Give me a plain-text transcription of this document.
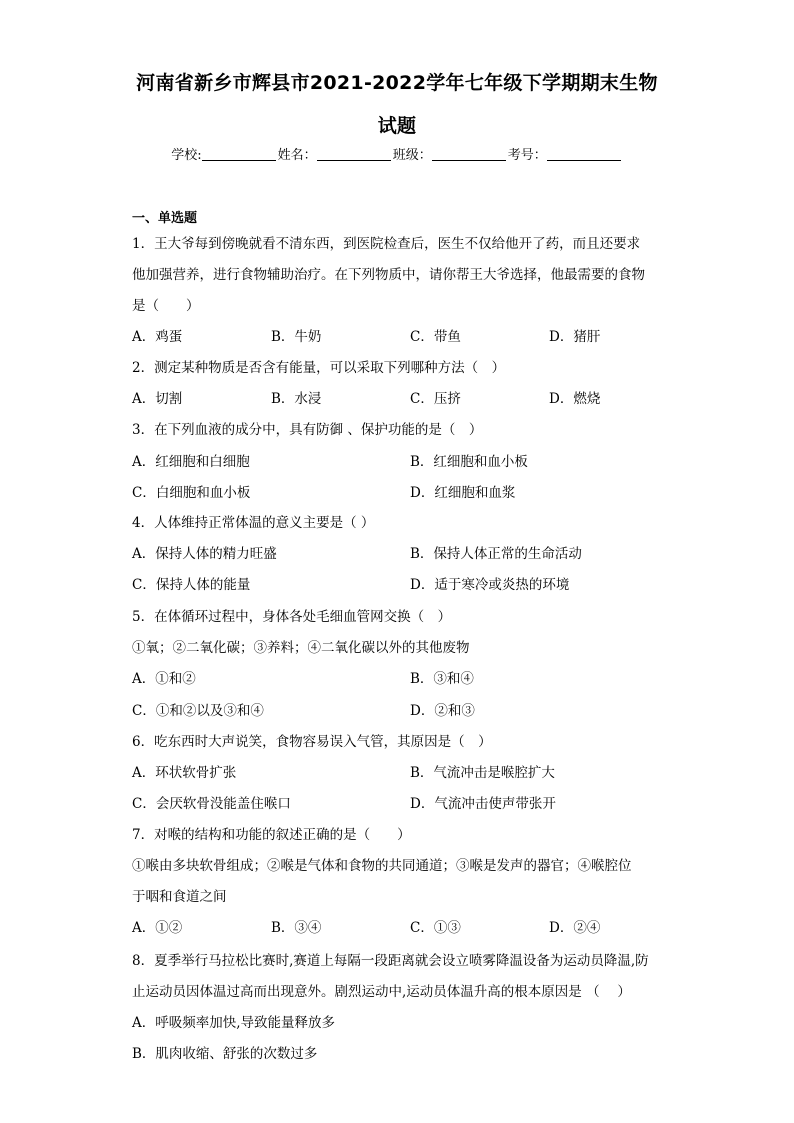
河南省新乡市辉县市2021-2022学年七年级下学期期末生物
试题
学校:	姓名：	班级：	考号：
一、单选题
1．王大爷每到傍晚就看不清东西，到医院检查后，医生不仅给他开了药，而且还要求
他加强营养，进行食物辅助治疗。在下列物质中，请你帮王大爷选择，他最需要的食物
是（　　）
A．鸡蛋	B．牛奶	C．带鱼	D．猪肝
2．测定某种物质是否含有能量，可以采取下列哪种方法（　）
A．切割	B．水浸	C．压挤	D．燃烧
3．在下列血液的成分中，具有防御 、保护功能的是（　）
A．红细胞和白细胞	B．红细胞和血小板
C．白细胞和血小板	D．红细胞和血浆
4．人体维持正常体温的意义主要是（ ）
A．保持人体的精力旺盛	B．保持人体正常的生命活动
C．保持人体的能量	D．适于寒冷或炎热的环境
5．在体循环过程中，身体各处毛细血管网交换（　）
①氧；②二氧化碳；③养料；④二氧化碳以外的其他废物
A．①和②	B．③和④
C．①和②以及③和④	D．②和③
6．吃东西时大声说笑，食物容易误入气管，其原因是（　）
A．环状软骨扩张	B．气流冲击是喉腔扩大
C．会厌软骨没能盖住喉口	D．气流冲击使声带张开
7．对喉的结构和功能的叙述正确的是（　　）
①喉由多块软骨组成；②喉是气体和食物的共同通道；③喉是发声的器官；④喉腔位
于咽和食道之间
A．①②	B．③④	C．①③	D．②④
8．夏季举行马拉松比赛时,赛道上每隔一段距离就会设立喷雾降温设备为运动员降温,防
止运动员因体温过高而出现意外。剧烈运动中,运动员体温升高的根本原因是 （　 ）
A．呼吸频率加快,导致能量释放多
B．肌肉收缩、舒张的次数过多
